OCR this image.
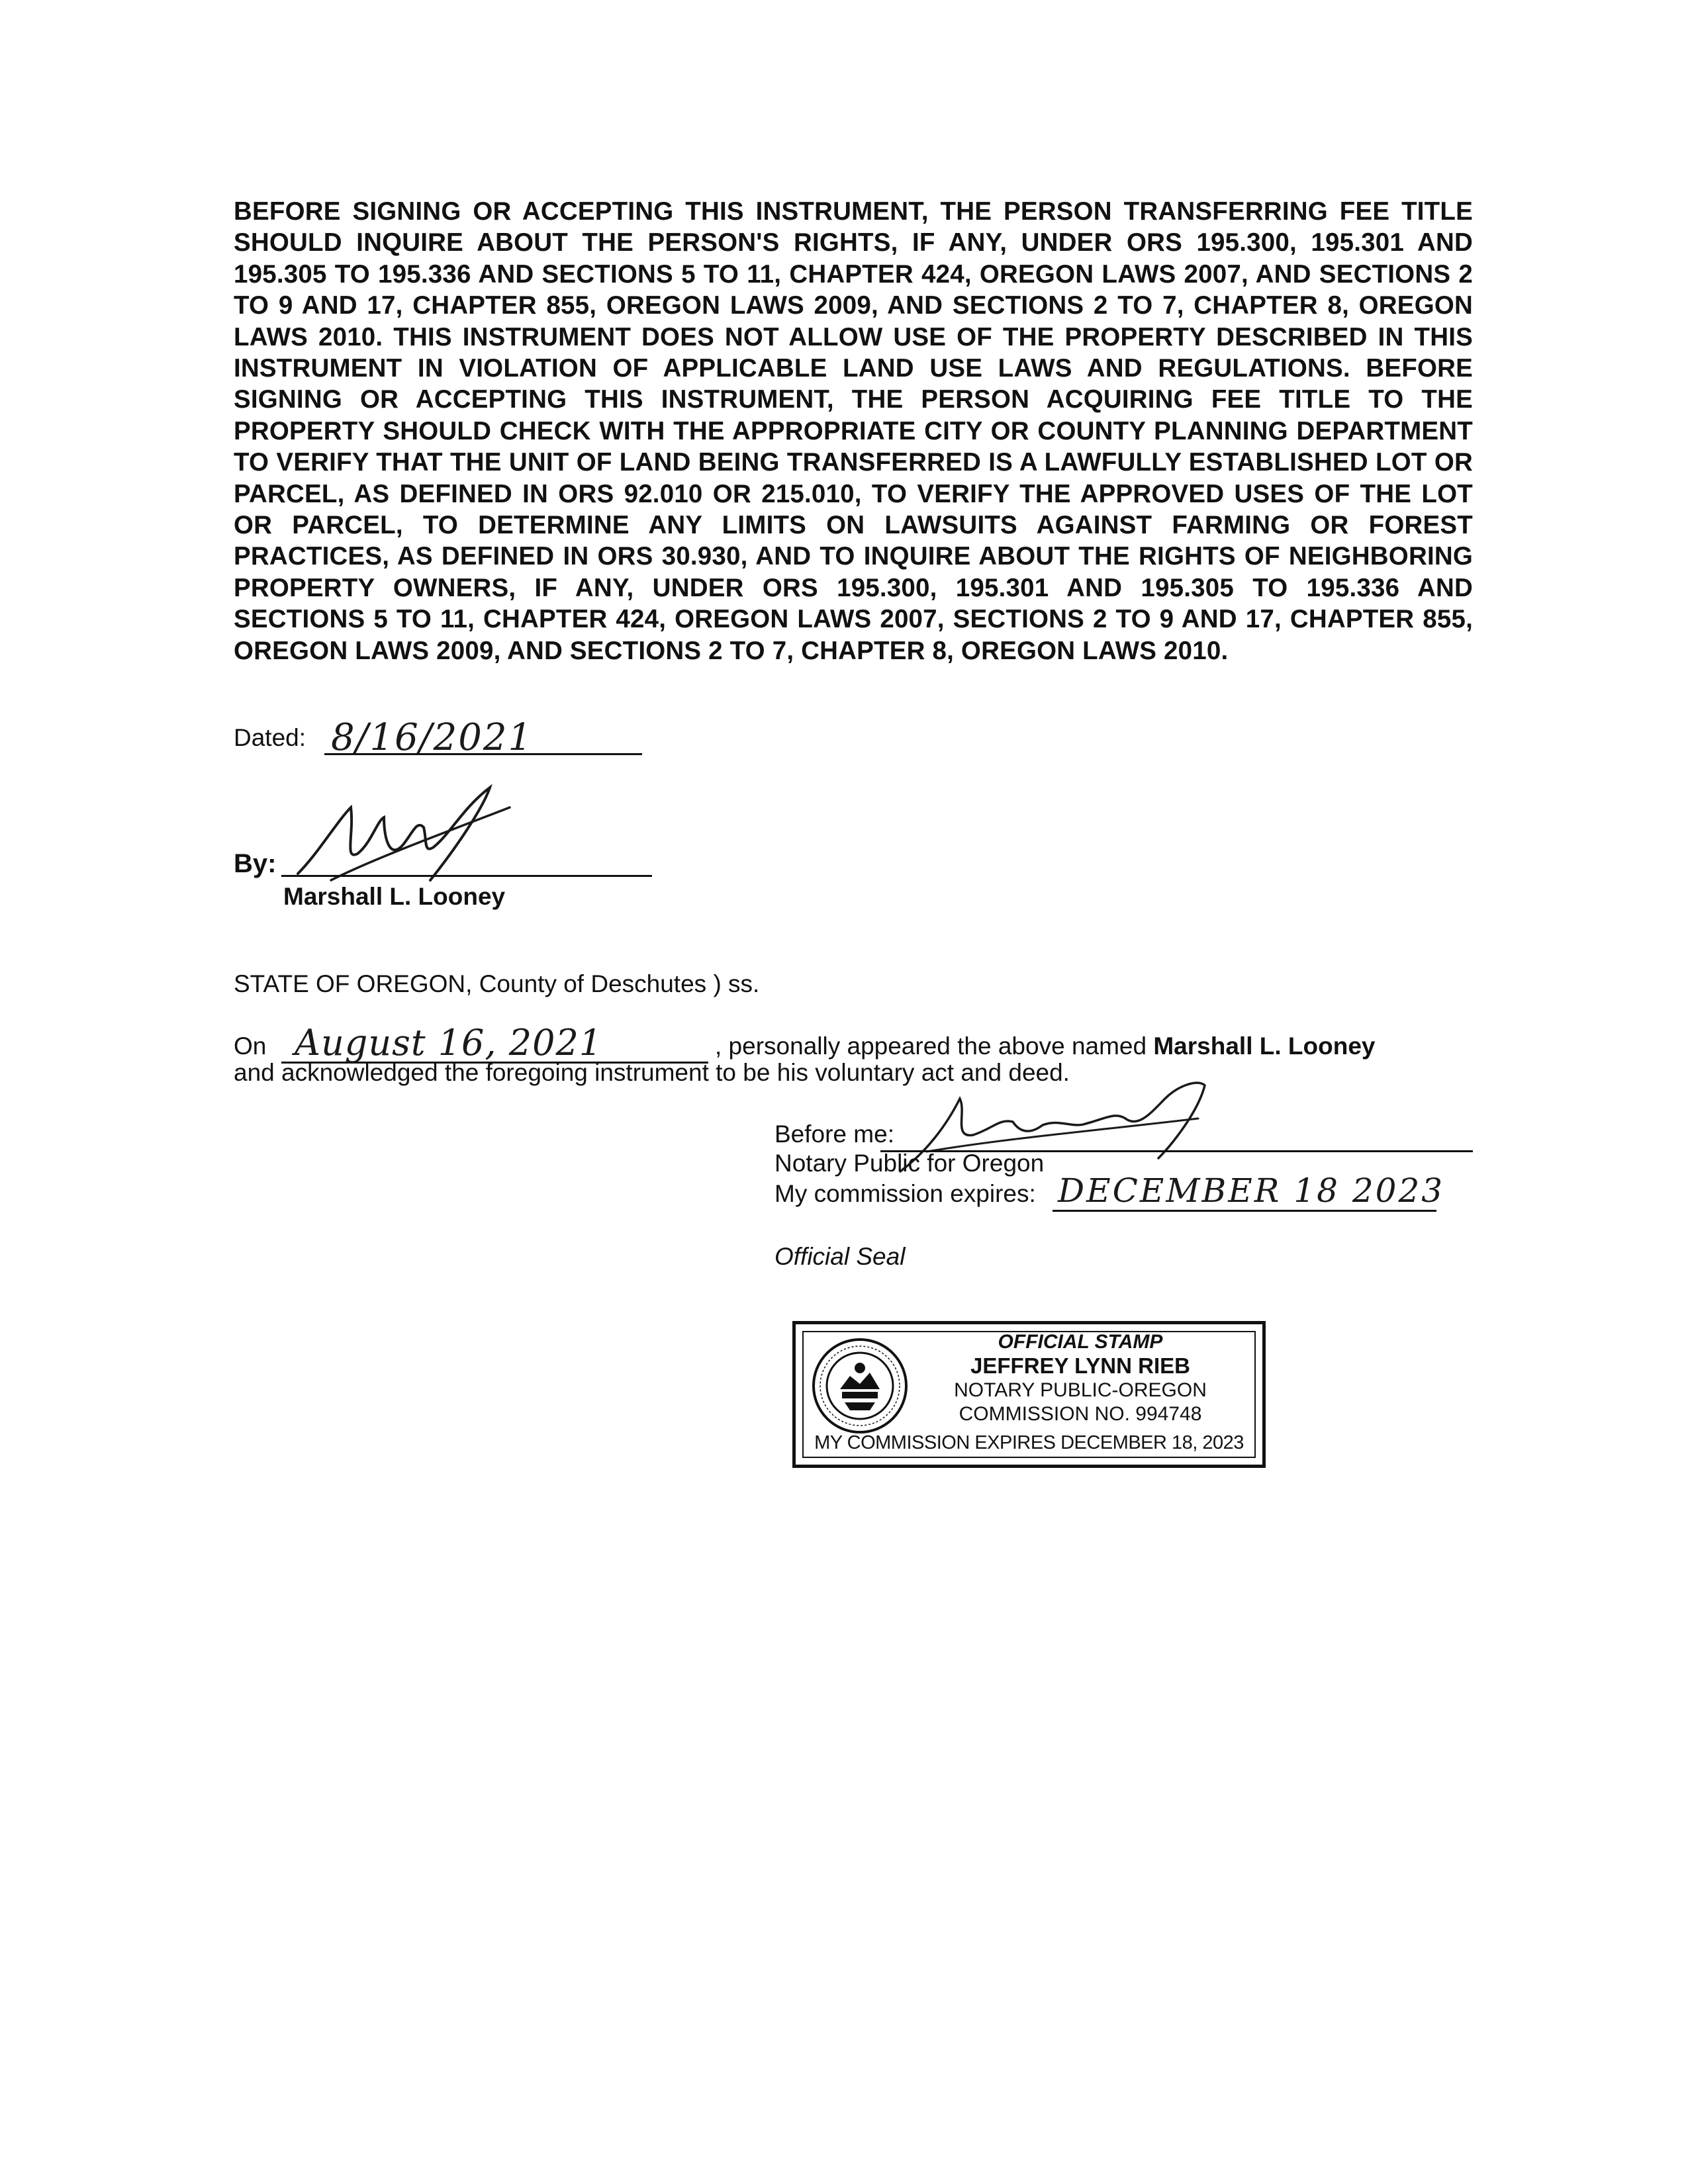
BEFORE SIGNING OR ACCEPTING THIS INSTRUMENT, THE PERSON TRANSFERRING FEE TITLE SHOULD INQUIRE ABOUT THE PERSON'S RIGHTS, IF ANY, UNDER ORS 195.300, 195.301 AND 195.305 TO 195.336 AND SECTIONS 5 TO 11, CHAPTER 424, OREGON LAWS 2007, AND SECTIONS 2 TO 9 AND 17, CHAPTER 855, OREGON LAWS 2009, AND SECTIONS 2 TO 7, CHAPTER 8, OREGON LAWS 2010. THIS INSTRUMENT DOES NOT ALLOW USE OF THE PROPERTY DESCRIBED IN THIS INSTRUMENT IN VIOLATION OF APPLICABLE LAND USE LAWS AND REGULATIONS. BEFORE SIGNING OR ACCEPTING THIS INSTRUMENT, THE PERSON ACQUIRING FEE TITLE TO THE PROPERTY SHOULD CHECK WITH THE APPROPRIATE CITY OR COUNTY PLANNING DEPARTMENT TO VERIFY THAT THE UNIT OF LAND BEING TRANSFERRED IS A LAWFULLY ESTABLISHED LOT OR PARCEL, AS DEFINED IN ORS 92.010 OR 215.010, TO VERIFY THE APPROVED USES OF THE LOT OR PARCEL, TO DETERMINE ANY LIMITS ON LAWSUITS AGAINST FARMING OR FOREST PRACTICES, AS DEFINED IN ORS 30.930, AND TO INQUIRE ABOUT THE RIGHTS OF NEIGHBORING PROPERTY OWNERS, IF ANY, UNDER ORS 195.300, 195.301 AND 195.305 TO 195.336 AND SECTIONS 5 TO 11, CHAPTER 424, OREGON LAWS 2007, SECTIONS 2 TO 9 AND 17, CHAPTER 855, OREGON LAWS 2009, AND SECTIONS 2 TO 7, CHAPTER 8, OREGON LAWS 2010.
Dated: 8/16/2021
By:
Marshall L. Looney
STATE OF OREGON, County of Deschutes ) ss.
On August 16, 2021	, personally appeared the above named Marshall L. Looney
and acknowledged the foregoing instrument to be his voluntary act and deed.
Before me:
Notary Public for Oregon
My commission expires: DECEMBER 18 2023
Official Seal
OFFICIAL STAMP
JEFFREY LYNN RIEB
NOTARY PUBLIC-OREGON
COMMISSION NO. 994748
MY COMMISSION EXPIRES DECEMBER 18, 2023
